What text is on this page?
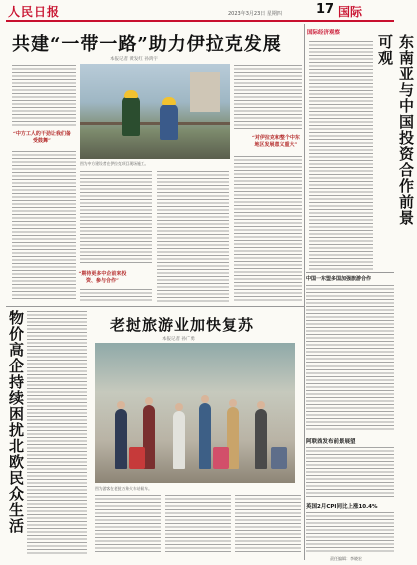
人民日报	2023年3月23日 星期四	17 国际
共建“一带一路”助力伊拉克发展
本报记者 黄发红 孙鸿宇
“中方工人的干劲让我们备受鼓舞”
图为中方建设者在伊拉克项目现场施工。
“期待更多中企前来投资、参与合作”
“对伊拉克和整个中东地区发展意义重大”
国际经济观察
东南亚与中国投资合作前景可观
中国一东盟多国加强旅游合作
阿联酋发布前景展望
英国2月CPI同比上涨10.4%
物价高企持续困扰北欧民众生活	老挝旅游业加快复苏
本报记者 孙广勇
图为游客在老挝万象火车站候车。
责任编辑：李晓宏
